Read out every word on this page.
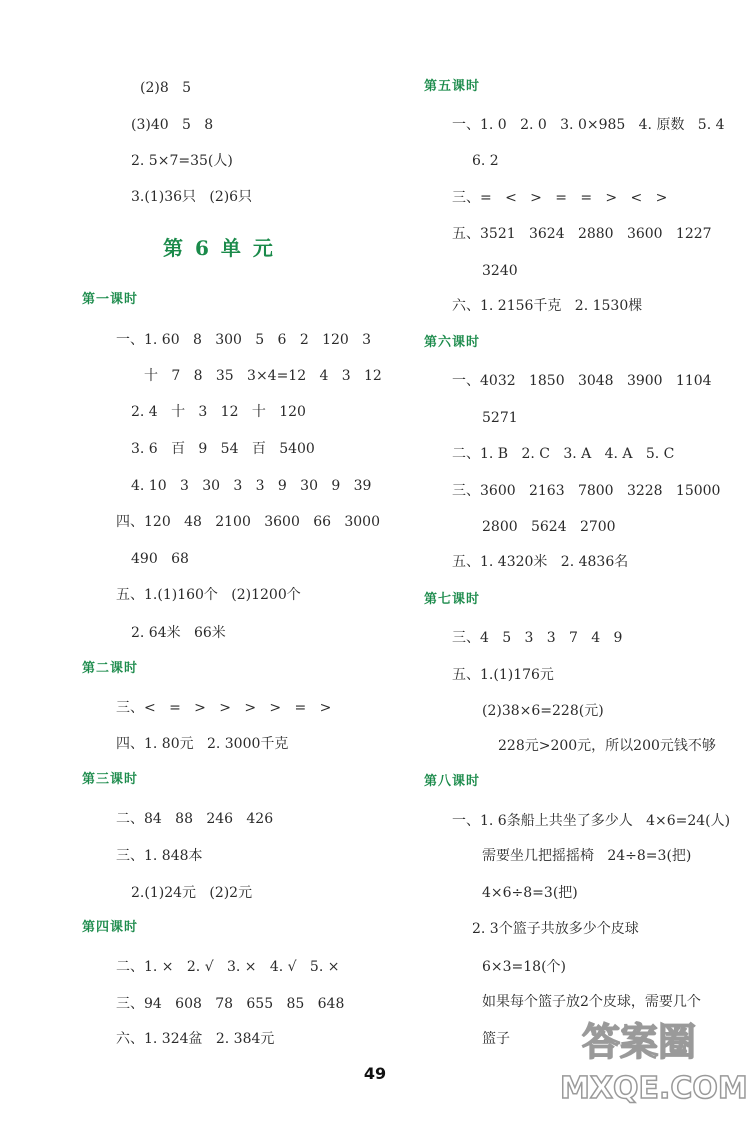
(2)8   5
(3)40   5   8
2. 5×7=35(人)
3.(1)36只   (2)6只
第6单元
第一课时
一、1. 60   8   300   5   6   2   120   3
十   7   8   35   3×4=12   4   3   12
2. 4   十   3   12   十   120
3. 6   百   9   54   百   5400
4. 10   3   30   3   3   9   30   9   39
四、120   48   2100   3600   66   3000
490   68
五、1.(1)160个   (2)1200个
2. 64米   66米
第二课时
三、<   =   >   >   >   >   =   >
四、1. 80元   2. 3000千克
第三课时
二、84   88   246   426
三、1. 848本
2.(1)24元   (2)2元
第四课时
二、1. ×   2. √   3. ×   4. √   5. ×
三、94   608   78   655   85   648
六、1. 324盆   2. 384元
第五课时
一、1. 0   2. 0   3. 0×985   4. 原数   5. 4
6. 2
三、=   <   >   =   =   >   <   >
五、3521   3624   2880   3600   1227
3240
六、1. 2156千克   2. 1530棵
第六课时
一、4032   1850   3048   3900   1104
5271
二、1. B   2. C   3. A   4. A   5. C
三、3600   2163   7800   3228   15000
2800   5624   2700
五、1. 4320米   2. 4836名
第七课时
三、4   5   3   3   7   4   9
五、1.(1)176元
(2)38×6=228(元)
228元>200元，所以200元钱不够
第八课时
一、1. 6条船上共坐了多少人   4×6=24(人)
需要坐几把摇摇椅   24÷8=3(把)
4×6÷8=3(把)
2. 3个篮子共放多少个皮球
6×3=18(个)
如果每个篮子放2个皮球，需要几个
篮子
49
答案圈
MXQE.COM
